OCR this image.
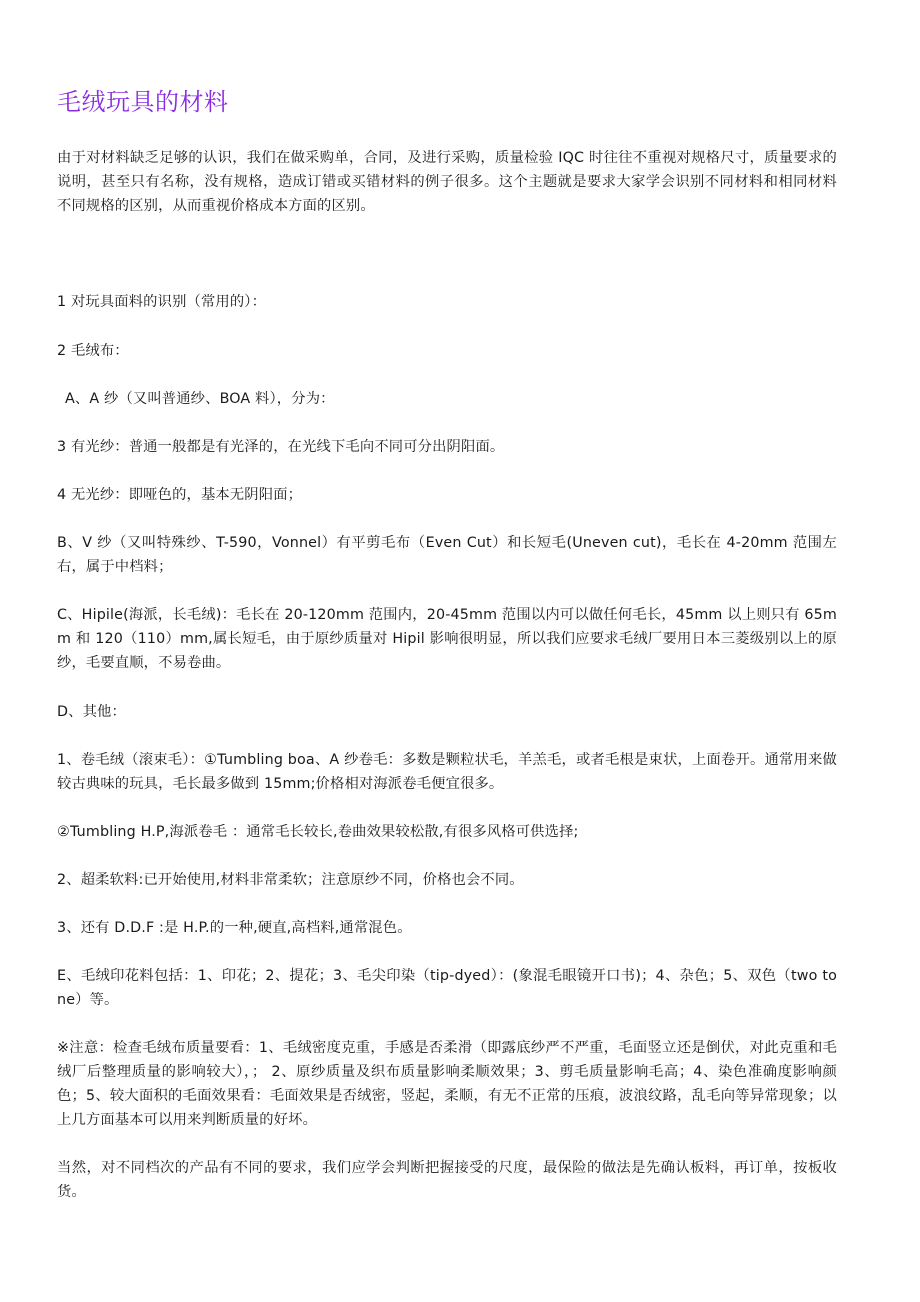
毛绒玩具的材料

由于对材料缺乏足够的认识，我们在做采购单，合同，及进行采购，质量检验 IQC 时往往不重视对规格尺寸，质量要求的说明，甚至只有名称，没有规格，造成订错或买错材料的例子很多。这个主题就是要求大家学会识别不同材料和相同材料不同规格的区别，从而重视价格成本方面的区别。

1 对玩具面料的识别（常用的）：

2 毛绒布：

A、A 纱（又叫普通纱、BOA 料），分为：

3 有光纱：普通一般都是有光泽的，在光线下毛向不同可分出阴阳面。

4 无光纱：即哑色的，基本无阴阳面；

B、V 纱（又叫特殊纱、T-590，Vonnel）有平剪毛布（Even Cut）和长短毛(Uneven cut)，毛长在 4-20mm 范围左右，属于中档料；

C、Hipile(海派，长毛绒)：毛长在 20-120mm 范围内，20-45mm 范围以内可以做任何毛长，45mm 以上则只有 65mm 和 120（110）mm,属长短毛，由于原纱质量对 Hipil 影响很明显，所以我们应要求毛绒厂要用日本三菱级别以上的原纱，毛要直顺，不易卷曲。

D、其他：

1、卷毛绒（滚束毛）：①Tumbling boa、A 纱卷毛：多数是颗粒状毛，羊羔毛，或者毛根是束状，上面卷开。通常用来做较古典味的玩具，毛长最多做到 15mm;价格相对海派卷毛便宜很多。

②Tumbling H.P,海派卷毛 ：通常毛长较长,卷曲效果较松散,有很多风格可供选择;

2、超柔软料:已开始使用,材料非常柔软；注意原纱不同，价格也会不同。

3、还有 D.D.F :是 H.P.的一种,硬直,高档料,通常混色。

E、毛绒印花料包括：1、印花；2、提花；3、毛尖印染（tip-dyed）：(象混毛眼镜开口书)；4、杂色；5、双色（two tone）等。

※注意：检查毛绒布质量要看：1、毛绒密度克重，手感是否柔滑（即露底纱严不严重，毛面竖立还是倒伏，对此克重和毛绒厂后整理质量的影响较大），； 2、原纱质量及织布质量影响柔顺效果；3、剪毛质量影响毛高；4、染色准确度影响颜色；5、较大面积的毛面效果看：毛面效果是否绒密，竖起，柔顺，有无不正常的压痕，波浪纹路，乱毛向等异常现象；以上几方面基本可以用来判断质量的好坏。

当然，对不同档次的产品有不同的要求，我们应学会判断把握接受的尺度，最保险的做法是先确认板料，再订单，按板收货。
